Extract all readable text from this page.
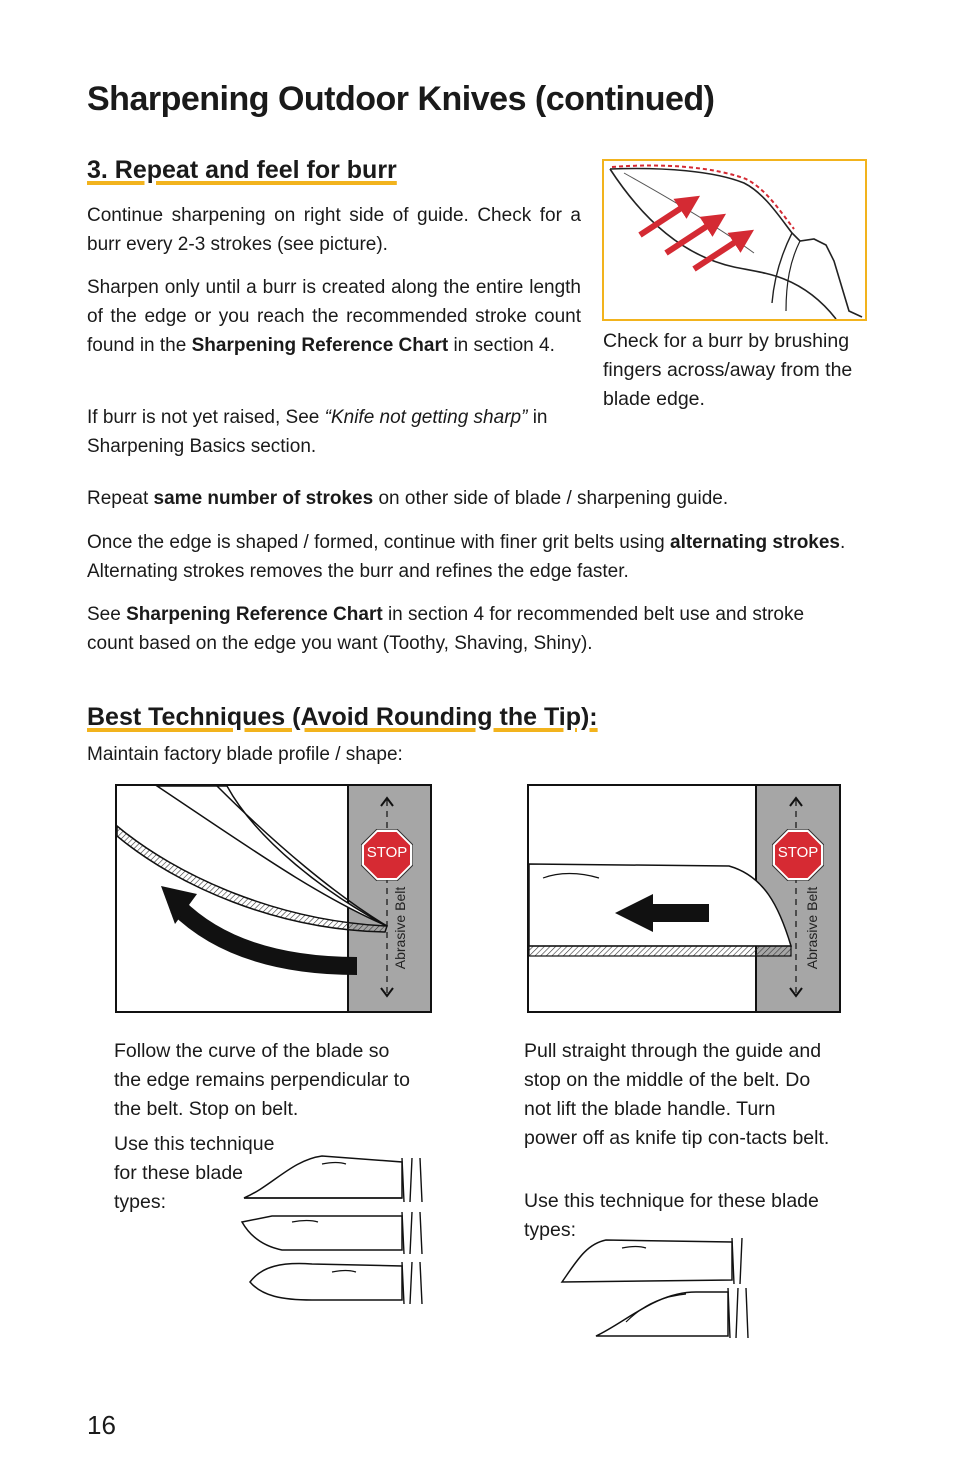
Sharpening Outdoor Knives (continued)
3. Repeat and feel for burr

Continue sharpening on right side of guide. Check for a burr every 2-3 strokes (see picture).

Sharpen only until a burr is created along the entire length of the edge or you reach the recommended stroke count found in the Sharpening Reference Chart in section 4.

If burr is not yet raised, See “Knife not getting sharp” in Sharpening Basics section.

Check for a burr by brushing fingers across/away from the blade edge.

Repeat same number of strokes on other side of blade / sharpening guide.

Once the edge is shaped / formed, continue with finer grit belts using alternating strokes. Alternating strokes removes the burr and refines the edge faster.

See Sharpening Reference Chart in section 4 for recommended belt use and stroke count based on the edge you want (Toothy, Shaving, Shiny).

Best Techniques (Avoid Rounding the Tip):

Maintain factory blade profile / shape:

STOP
Abrasive Belt
STOP
Abrasive Belt

Follow the curve of the blade so the edge remains perpendicular to the belt. Stop on belt.

Use this technique for these blade types:

Pull straight through the guide and stop on the middle of the belt. Do not lift the blade handle. Turn power off as knife tip con-tacts belt.

Use this technique for these blade types:

16
